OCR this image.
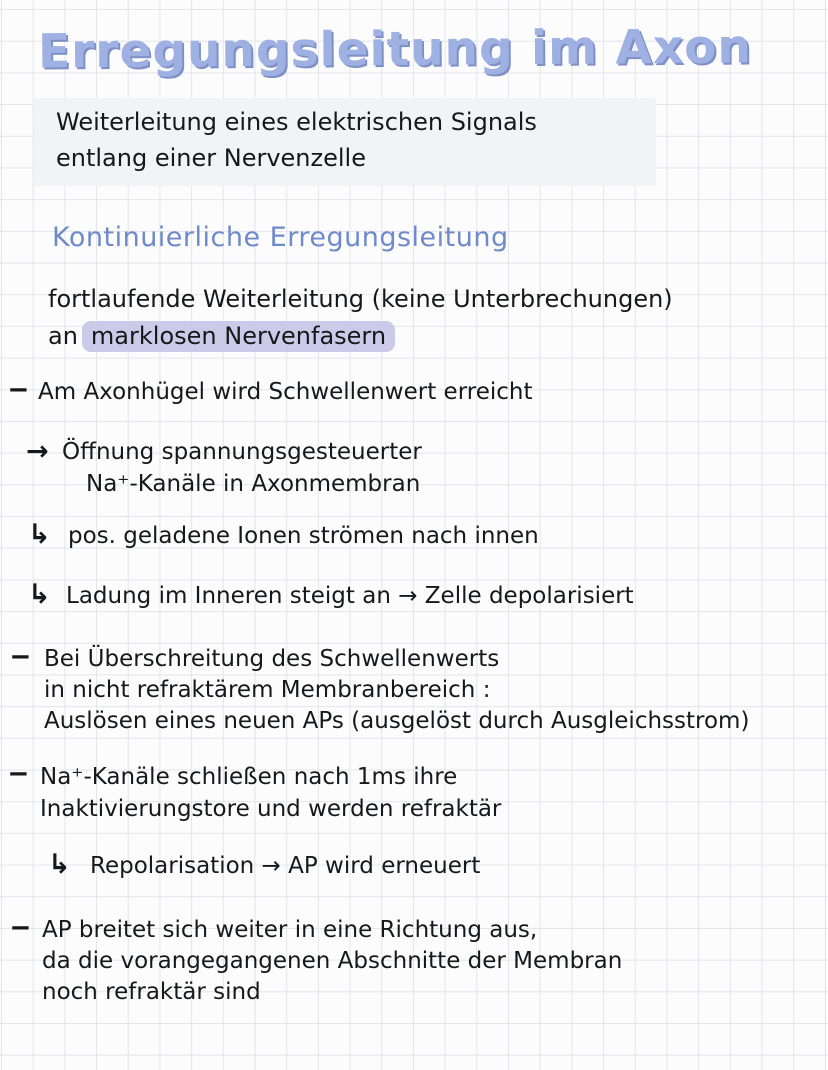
Erregungsleitung im Axon
Weiterleitung eines elektrischen Signals
entlang einer Nervenzelle
Kontinuierliche Erregungsleitung
fortlaufende Weiterleitung (keine Unterbrechungen)
an marklosen Nervenfasern
– Am Axonhügel wird Schwellenwert erreicht
→ Öffnung spannungsgesteuerter
Na⁺-Kanäle in Axonmembran
↳ pos. geladene Ionen strömen nach innen
↳ Ladung im Inneren steigt an → Zelle depolarisiert
– Bei Überschreitung des Schwellenwerts
in nicht refraktärem Membranbereich :
Auslösen eines neuen APs (ausgelöst durch Ausgleichsstrom)
– Na⁺-Kanäle schließen nach 1ms ihre
Inaktivierungstore und werden refraktär
↳ Repolarisation → AP wird erneuert
– AP breitet sich weiter in eine Richtung aus,
da die vorangegangenen Abschnitte der Membran
noch refraktär sind
